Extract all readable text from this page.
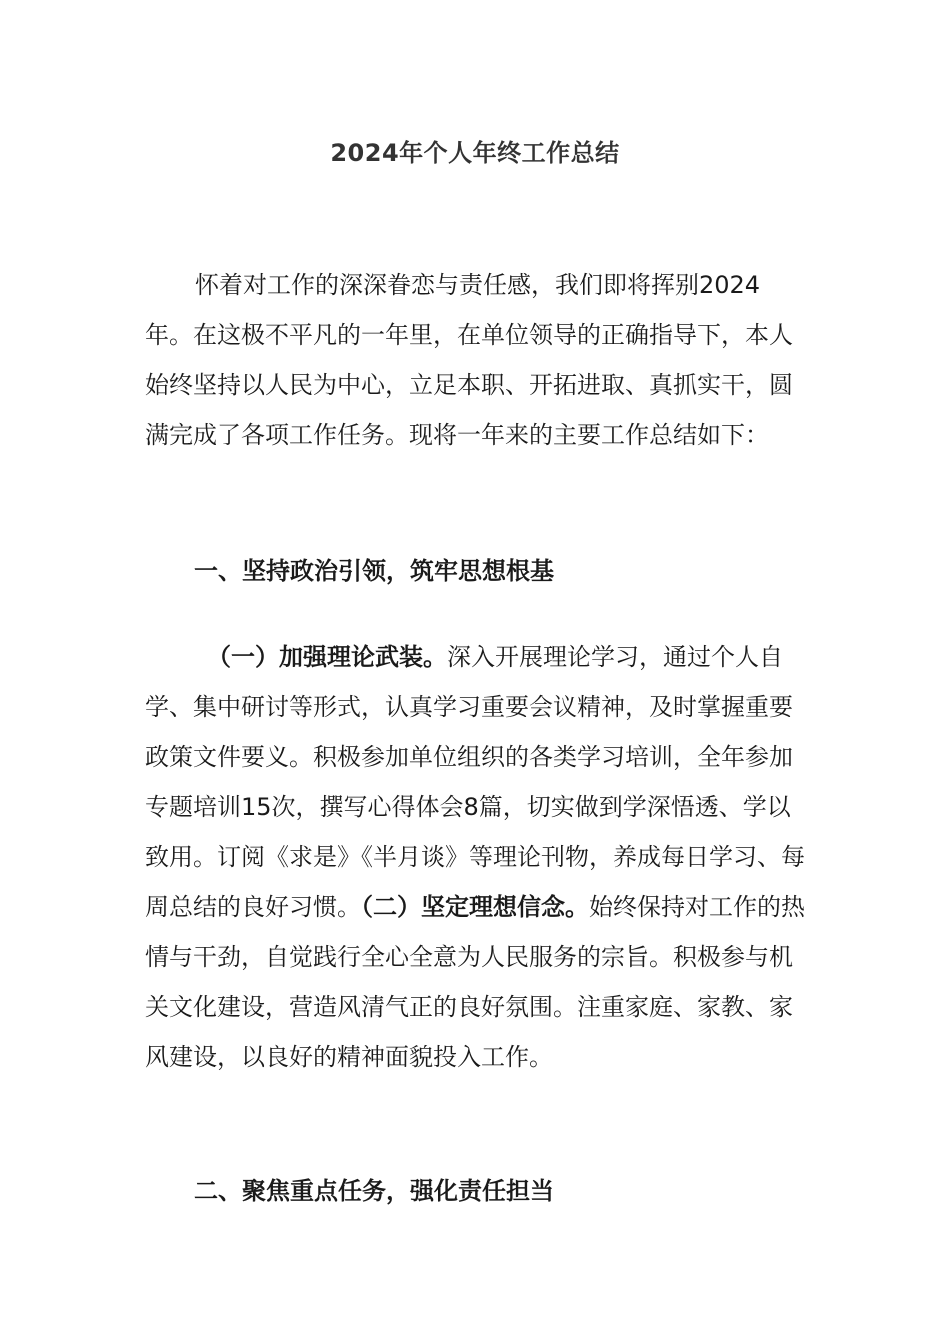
2024年个人年终工作总结

怀着对工作的深深眷恋与责任感，我们即将挥别2024年。在这极不平凡的一年里，在单位领导的正确指导下，本人始终坚持以人民为中心，立足本职、开拓进取、真抓实干，圆满完成了各项工作任务。现将一年来的主要工作总结如下：

一、坚持政治引领，筑牢思想根基

（一）加强理论武装。深入开展理论学习，通过个人自学、集中研讨等形式，认真学习重要会议精神，及时掌握重要政策文件要义。积极参加单位组织的各类学习培训，全年参加专题培训15次，撰写心得体会8篇，切实做到学深悟透、学以致用。订阅《求是》《半月谈》等理论刊物，养成每日学习、每周总结的良好习惯。（二）坚定理想信念。始终保持对工作的热情与干劲，自觉践行全心全意为人民服务的宗旨。积极参与机关文化建设，营造风清气正的良好氛围。注重家庭、家教、家风建设，以良好的精神面貌投入工作。

二、聚焦重点任务，强化责任担当
